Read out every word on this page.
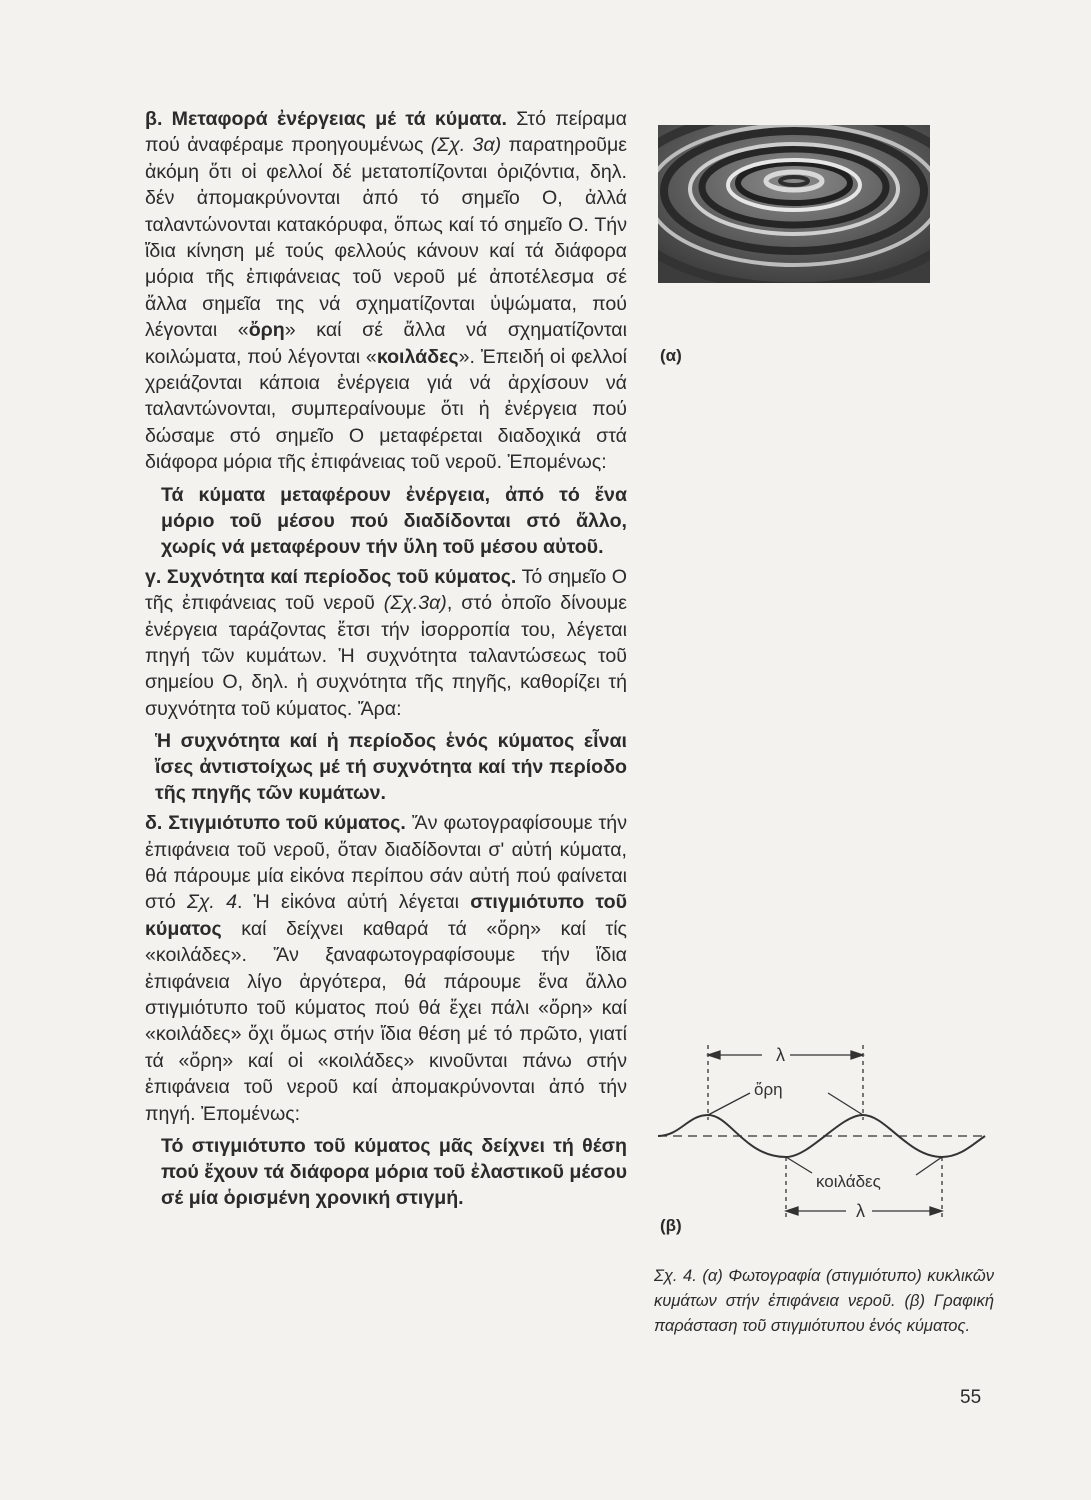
β. Μεταφορά ἐνέργειας μέ τά κύματα. Στό πείραμα πού ἀναφέραμε προηγουμένως (Σχ. 3α) παρατηροῦμε ἀκόμη ὅτι οἱ φελλοί δέ μετατοπίζονται ὁριζόντια, δηλ. δέν ἀπομακρύνονται ἀπό τό σημεῖο Ο, ἀλλά ταλαντώνονται κατακόρυφα, ὅπως καί τό σημεῖο Ο. Τήν ἴδια κίνηση μέ τούς φελλούς κάνουν καί τά διάφορα μόρια τῆς ἐπιφάνειας τοῦ νεροῦ μέ ἀποτέλεσμα σέ ἄλλα σημεῖα της νά σχηματίζονται ὑψώματα, πού λέγονται «ὄρη» καί σέ ἄλλα νά σχηματίζονται κοιλώματα, πού λέγονται «κοιλάδες». Ἐπειδή οἱ φελλοί χρειάζονται κάποια ἐνέργεια γιά νά ἀρχίσουν νά ταλαντώνονται, συμπεραίνουμε ὅτι ἡ ἐνέργεια πού δώσαμε στό σημεῖο Ο μεταφέρεται διαδοχικά στά διάφορα μόρια τῆς ἐπιφάνειας τοῦ νεροῦ. Ἐπομένως:

Τά κύματα μεταφέρουν ἐνέργεια, ἀπό τό ἕνα μόριο τοῦ μέσου πού διαδίδονται στό ἄλλο, χωρίς νά μεταφέρουν τήν ὕλη τοῦ μέσου αὐτοῦ.

γ. Συχνότητα καί περίοδος τοῦ κύματος. Τό σημεῖο Ο τῆς ἐπιφάνειας τοῦ νεροῦ (Σχ.3α), στό ὁποῖο δίνουμε ἐνέργεια ταράζοντας ἔτσι τήν ἰσορροπία του, λέγεται πηγή τῶν κυμάτων. Ἡ συχνότητα ταλαντώσεως τοῦ σημείου Ο, δηλ. ἡ συχνότητα τῆς πηγῆς, καθορίζει τή συχνότητα τοῦ κύματος. Ἄρα:

Ἡ συχνότητα καί ἡ περίοδος ἑνός κύματος εἶναι ἴσες ἀντιστοίχως μέ τή συχνότητα καί τήν περίοδο τῆς πηγῆς τῶν κυμάτων.

δ. Στιγμιότυπο τοῦ κύματος. Ἄν φωτογραφίσουμε τήν ἐπιφάνεια τοῦ νεροῦ, ὅταν διαδίδονται σ' αὐτή κύματα, θά πάρουμε μία εἰκόνα περίπου σάν αὐτή πού φαίνεται στό Σχ. 4. Ἡ εἰκόνα αὐτή λέγεται στιγμιότυπο τοῦ κύματος καί δείχνει καθαρά τά «ὄρη» καί τίς «κοιλάδες». Ἄν ξαναφωτογραφίσουμε τήν ἴδια ἐπιφάνεια λίγο ἀργότερα, θά πάρουμε ἕνα ἄλλο στιγμιότυπο τοῦ κύματος πού θά ἔχει πάλι «ὄρη» καί «κοιλάδες» ὄχι ὅμως στήν ἴδια θέση μέ τό πρῶτο, γιατί τά «ὄρη» καί οἱ «κοιλάδες» κινοῦνται πάνω στήν ἐπιφάνεια τοῦ νεροῦ καί ἀπομακρύνονται ἀπό τήν πηγή. Ἐπομένως:

Τό στιγμιότυπο τοῦ κύματος μᾶς δείχνει τή θέση πού ἔχουν τά διάφορα μόρια τοῦ ἐλαστικοῦ μέσου σέ μία ὁρισμένη χρονική στιγμή.

(α)
λ
ὄρη
κοιλάδες
λ
(β)
Σχ. 4. (α) Φωτογραφία (στιγμιότυπο) κυκλικῶν κυμάτων στήν ἐπιφάνεια νεροῦ. (β) Γραφική παράσταση τοῦ στιγμιότυπου ἑνός κύματος.
55
